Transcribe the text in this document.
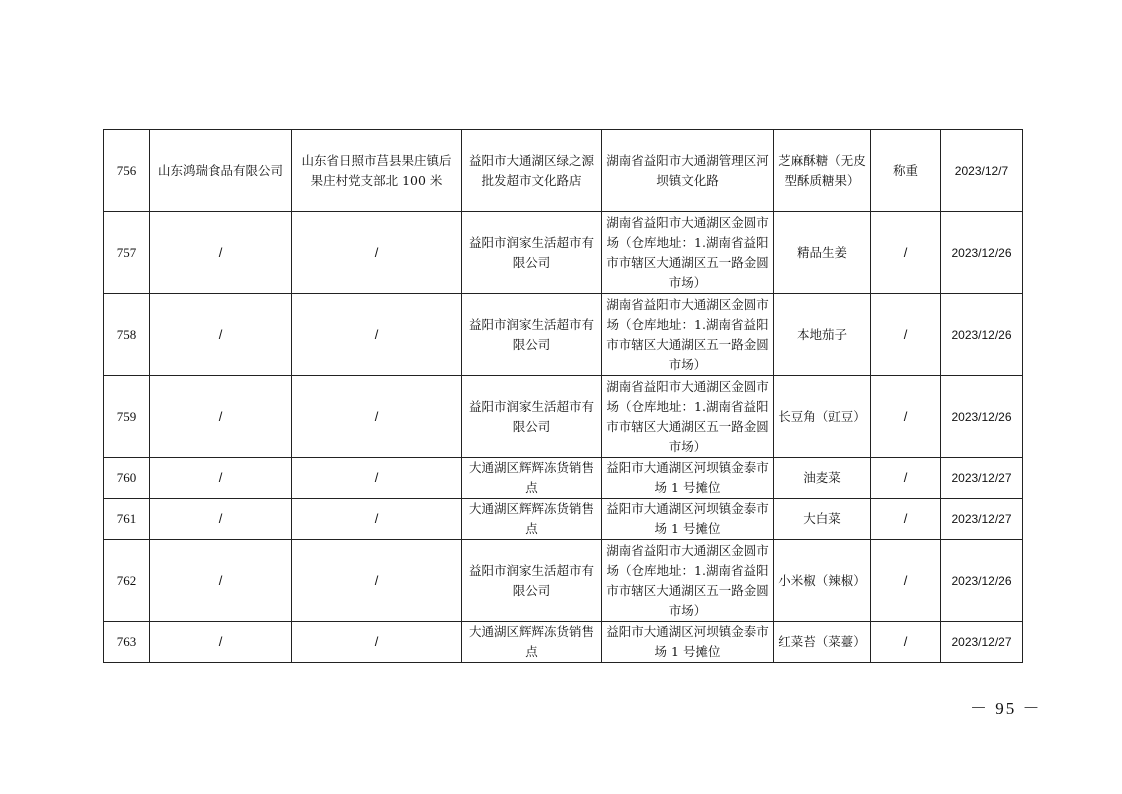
756	山东鸿瑞食品有限公司	山东省日照市莒县果庄镇后果庄村党支部北 100 米	益阳市大通湖区绿之源批发超市文化路店	湖南省益阳市大通湖管理区河坝镇文化路	芝麻酥糖（无皮型酥质糖果）	称重	2023/12/7
757	/	/	益阳市润家生活超市有限公司	湖南省益阳市大通湖区金圆市场（仓库地址：1.湖南省益阳市市辖区大通湖区五一路金圆市场）	精品生姜	/	2023/12/26
758	/	/	益阳市润家生活超市有限公司	湖南省益阳市大通湖区金圆市场（仓库地址：1.湖南省益阳市市辖区大通湖区五一路金圆市场）	本地茄子	/	2023/12/26
759	/	/	益阳市润家生活超市有限公司	湖南省益阳市大通湖区金圆市场（仓库地址：1.湖南省益阳市市辖区大通湖区五一路金圆市场）	长豆角（豇豆）	/	2023/12/26
760	/	/	大通湖区辉辉冻货销售点	益阳市大通湖区河坝镇金泰市场 1 号摊位	油麦菜	/	2023/12/27
761	/	/	大通湖区辉辉冻货销售点	益阳市大通湖区河坝镇金泰市场 1 号摊位	大白菜	/	2023/12/27
762	/	/	益阳市润家生活超市有限公司	湖南省益阳市大通湖区金圆市场（仓库地址：1.湖南省益阳市市辖区大通湖区五一路金圆市场）	小米椒（辣椒）	/	2023/12/26
763	/	/	大通湖区辉辉冻货销售点	益阳市大通湖区河坝镇金泰市场 1 号摊位	红菜苔（菜薹）	/	2023/12/27
－ 95 －
